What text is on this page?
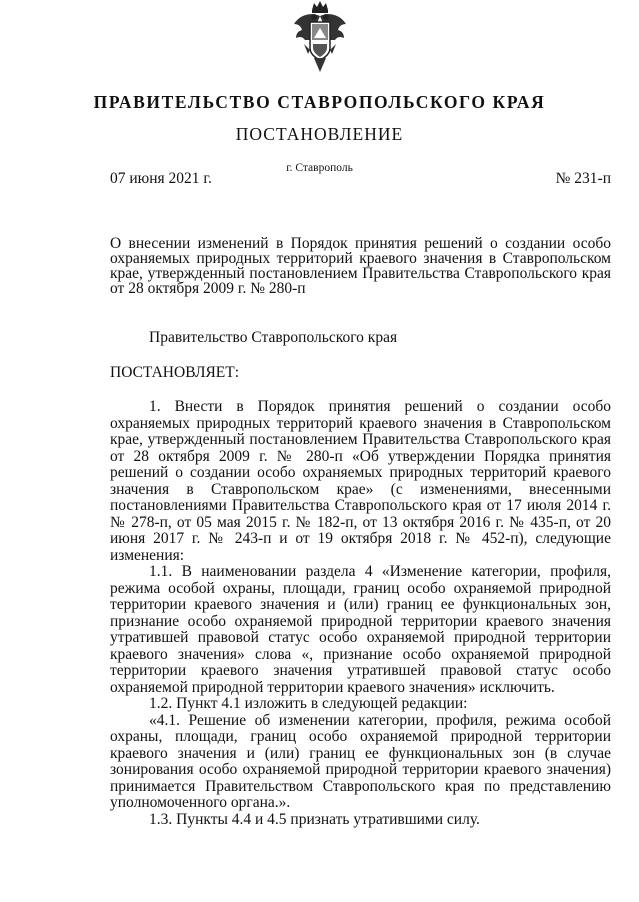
ПРАВИТЕЛЬСТВО СТАВРОПОЛЬСКОГО КРАЯ
ПОСТАНОВЛЕНИЕ
г. Ставрополь
07 июня 2021 г.	№ 231-п
О внесении изменений в Порядок принятия решений о создании особо охраняемых природных территорий краевого значения в Ставропольском крае, утвержденный постановлением Правительства Ставропольского края от 28 октября 2009 г. № 280-п
Правительство Ставропольского края
ПОСТАНОВЛЯЕТ:

1. Внести в Порядок принятия решений о создании особо охраняемых природных территорий краевого значения в Ставропольском крае, утвержденный постановлением Правительства Ставропольского края от 28 октября 2009 г. № 280-п «Об утверждении Порядка принятия решений о создании особо охраняемых природных территорий краевого значения в Ставропольском крае» (с изменениями, внесенными постановлениями Правительства Ставропольского края от 17 июля 2014 г. № 278-п, от 05 мая 2015 г. № 182-п, от 13 октября 2016 г. № 435-п, от 20 июня 2017 г. № 243-п и от 19 октября 2018 г. № 452-п), следующие изменения:

1.1. В наименовании раздела 4 «Изменение категории, профиля, режима особой охраны, площади, границ особо охраняемой природной территории краевого значения и (или) границ ее функциональных зон, признание особо охраняемой природной территории краевого значения утратившей правовой статус особо охраняемой природной территории краевого значения» слова «, признание особо охраняемой природной территории краевого значения утратившей правовой статус особо охраняемой природной территории краевого значения» исключить.

1.2. Пункт 4.1 изложить в следующей редакции:

«4.1. Решение об изменении категории, профиля, режима особой охраны, площади, границ особо охраняемой природной территории краевого значения и (или) границ ее функциональных зон (в случае зонирования особо охраняемой природной территории краевого значения) принимается Правительством Ставропольского края по представлению уполномоченного органа.».

1.3. Пункты 4.4 и 4.5 признать утратившими силу.
